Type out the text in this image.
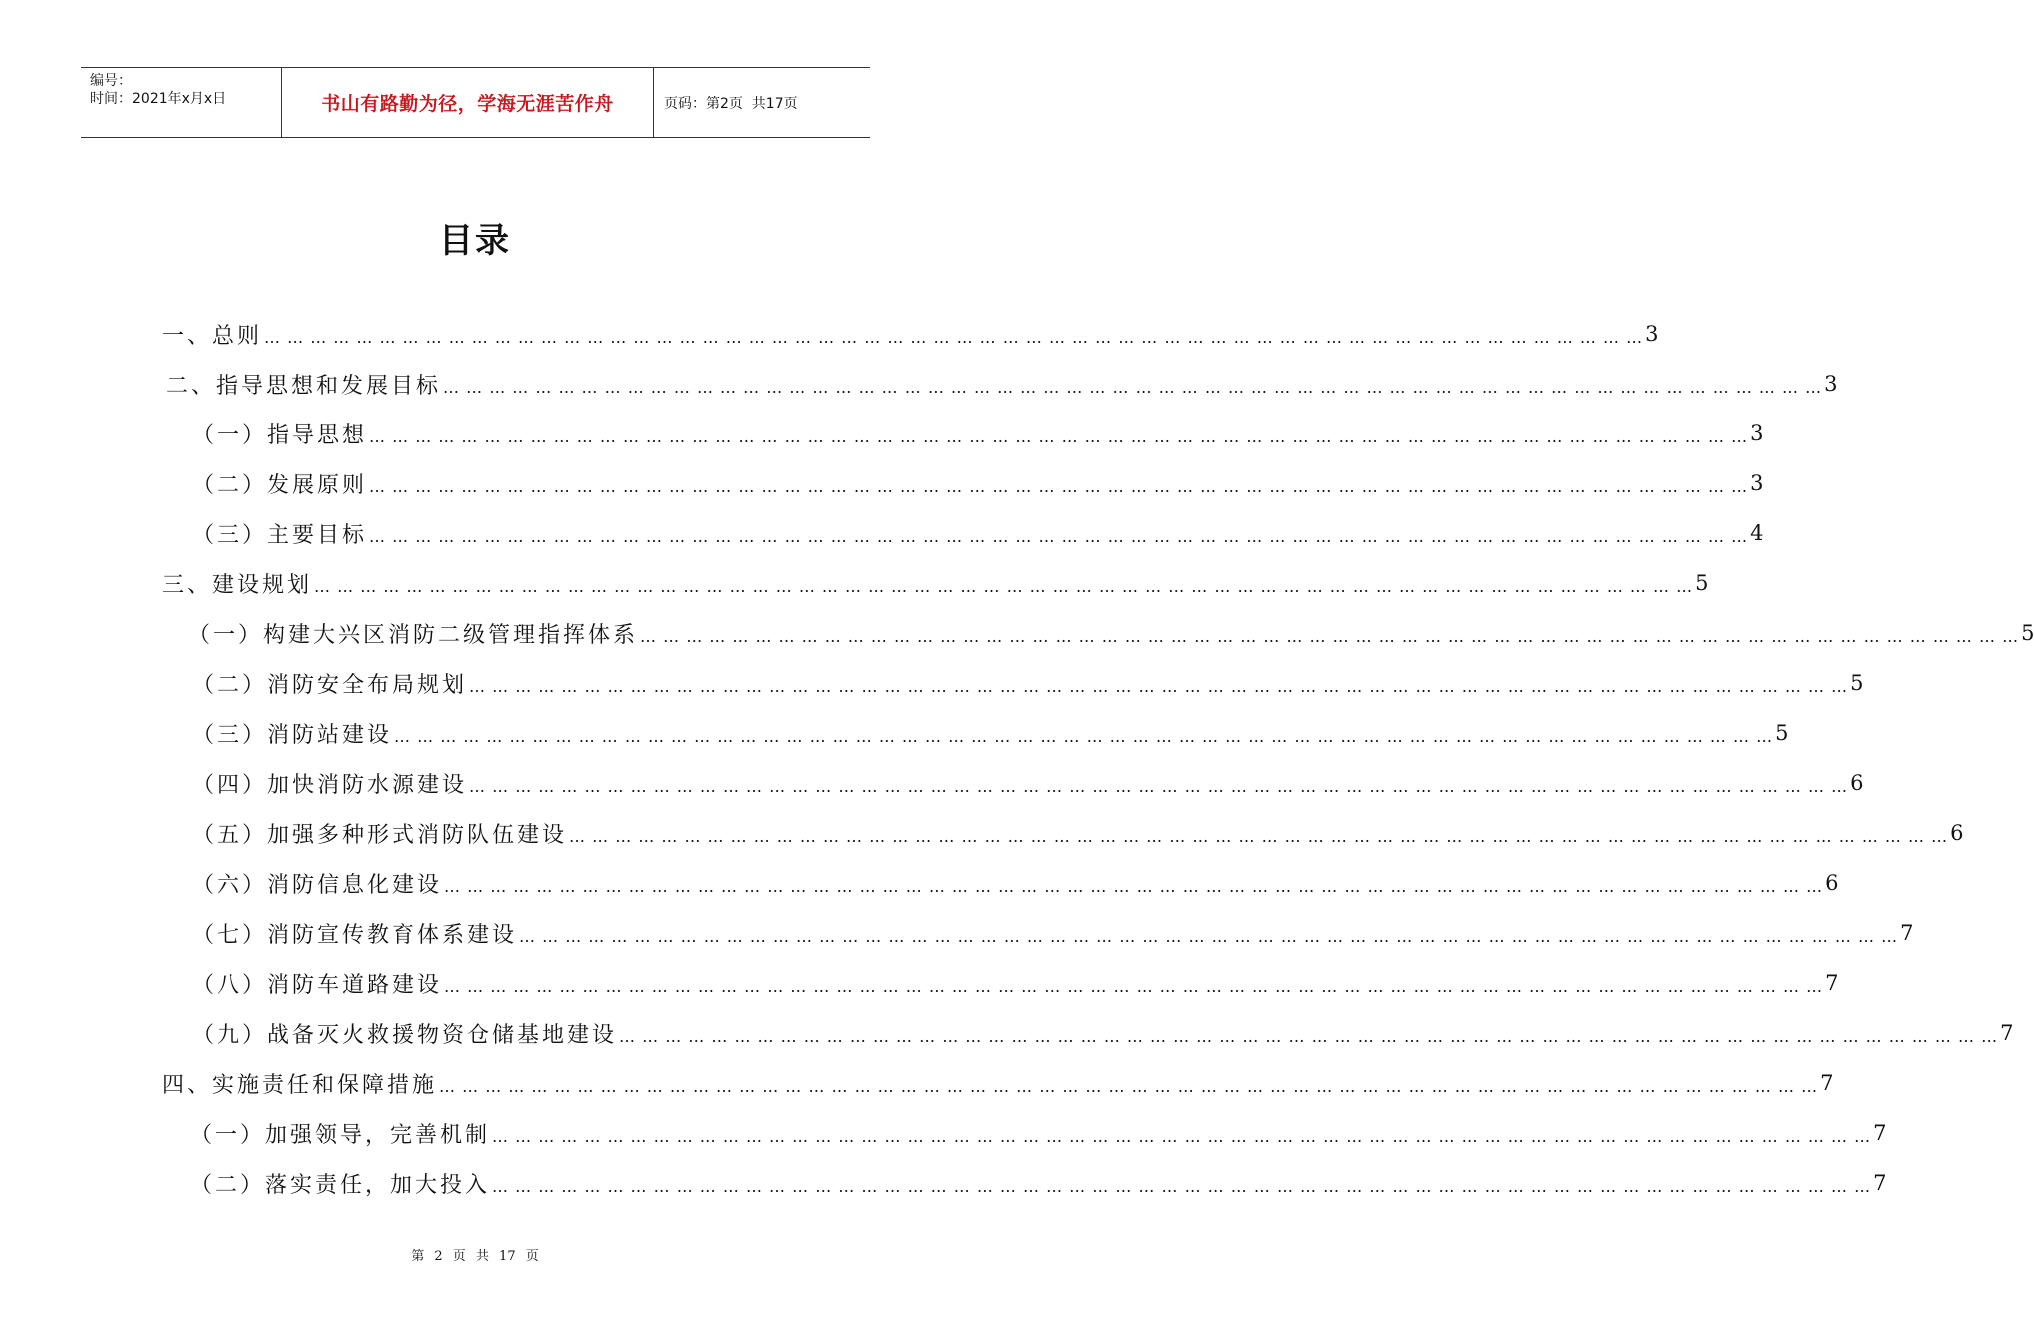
编号：
时间：2021年x月x日	书山有路勤为径，学海无涯苦作舟	页码：第2页  共17页
目录
一、总则 … … … … … … … … … … … … … … … … … … … … … … … … … … … … … … … … … … … … … … … … … … … … … … … … … … … … … … … … … … … … 3
二、指导思想和发展目标 … … … … … … … … … … … … … … … … … … … … … … … … … … … … … … … … … … … … … … … … … … … … … … … … … … … … … … … … … … … … 3
（一）指导思想 … … … … … … … … … … … … … … … … … … … … … … … … … … … … … … … … … … … … … … … … … … … … … … … … … … … … … … … … … … … … 3
（二）发展原则 … … … … … … … … … … … … … … … … … … … … … … … … … … … … … … … … … … … … … … … … … … … … … … … … … … … … … … … … … … … … 3
（三）主要目标 … … … … … … … … … … … … … … … … … … … … … … … … … … … … … … … … … … … … … … … … … … … … … … … … … … … … … … … … … … … … 4
三、建设规划 … … … … … … … … … … … … … … … … … … … … … … … … … … … … … … … … … … … … … … … … … … … … … … … … … … … … … … … … … … … … 5
（一）构建大兴区消防二级管理指挥体系 … … … … … … … … … … … … … … … … … … … … … … … … … … … … … … … … … … … … … … … … … … … … … … … … … … … … … … … … … … … … 5
（二）消防安全布局规划 … … … … … … … … … … … … … … … … … … … … … … … … … … … … … … … … … … … … … … … … … … … … … … … … … … … … … … … … … … … … 5
（三）消防站建设 … … … … … … … … … … … … … … … … … … … … … … … … … … … … … … … … … … … … … … … … … … … … … … … … … … … … … … … … … … … … 5
（四）加快消防水源建设 … … … … … … … … … … … … … … … … … … … … … … … … … … … … … … … … … … … … … … … … … … … … … … … … … … … … … … … … … … … … 6
（五）加强多种形式消防队伍建设 … … … … … … … … … … … … … … … … … … … … … … … … … … … … … … … … … … … … … … … … … … … … … … … … … … … … … … … … … … … … 6
（六）消防信息化建设 … … … … … … … … … … … … … … … … … … … … … … … … … … … … … … … … … … … … … … … … … … … … … … … … … … … … … … … … … … … … 6
（七）消防宣传教育体系建设 … … … … … … … … … … … … … … … … … … … … … … … … … … … … … … … … … … … … … … … … … … … … … … … … … … … … … … … … … … … … 7
（八）消防车道路建设 … … … … … … … … … … … … … … … … … … … … … … … … … … … … … … … … … … … … … … … … … … … … … … … … … … … … … … … … … … … … 7
（九）战备灭火救援物资仓储基地建设 … … … … … … … … … … … … … … … … … … … … … … … … … … … … … … … … … … … … … … … … … … … … … … … … … … … … … … … … … … … … 7
四、实施责任和保障措施 … … … … … … … … … … … … … … … … … … … … … … … … … … … … … … … … … … … … … … … … … … … … … … … … … … … … … … … … … … … … 7
（一）加强领导，完善机制 … … … … … … … … … … … … … … … … … … … … … … … … … … … … … … … … … … … … … … … … … … … … … … … … … … … … … … … … … … … … 7
（二）落实责任，加大投入 … … … … … … … … … … … … … … … … … … … … … … … … … … … … … … … … … … … … … … … … … … … … … … … … … … … … … … … … … … … … 7
第 2 页 共 17 页
